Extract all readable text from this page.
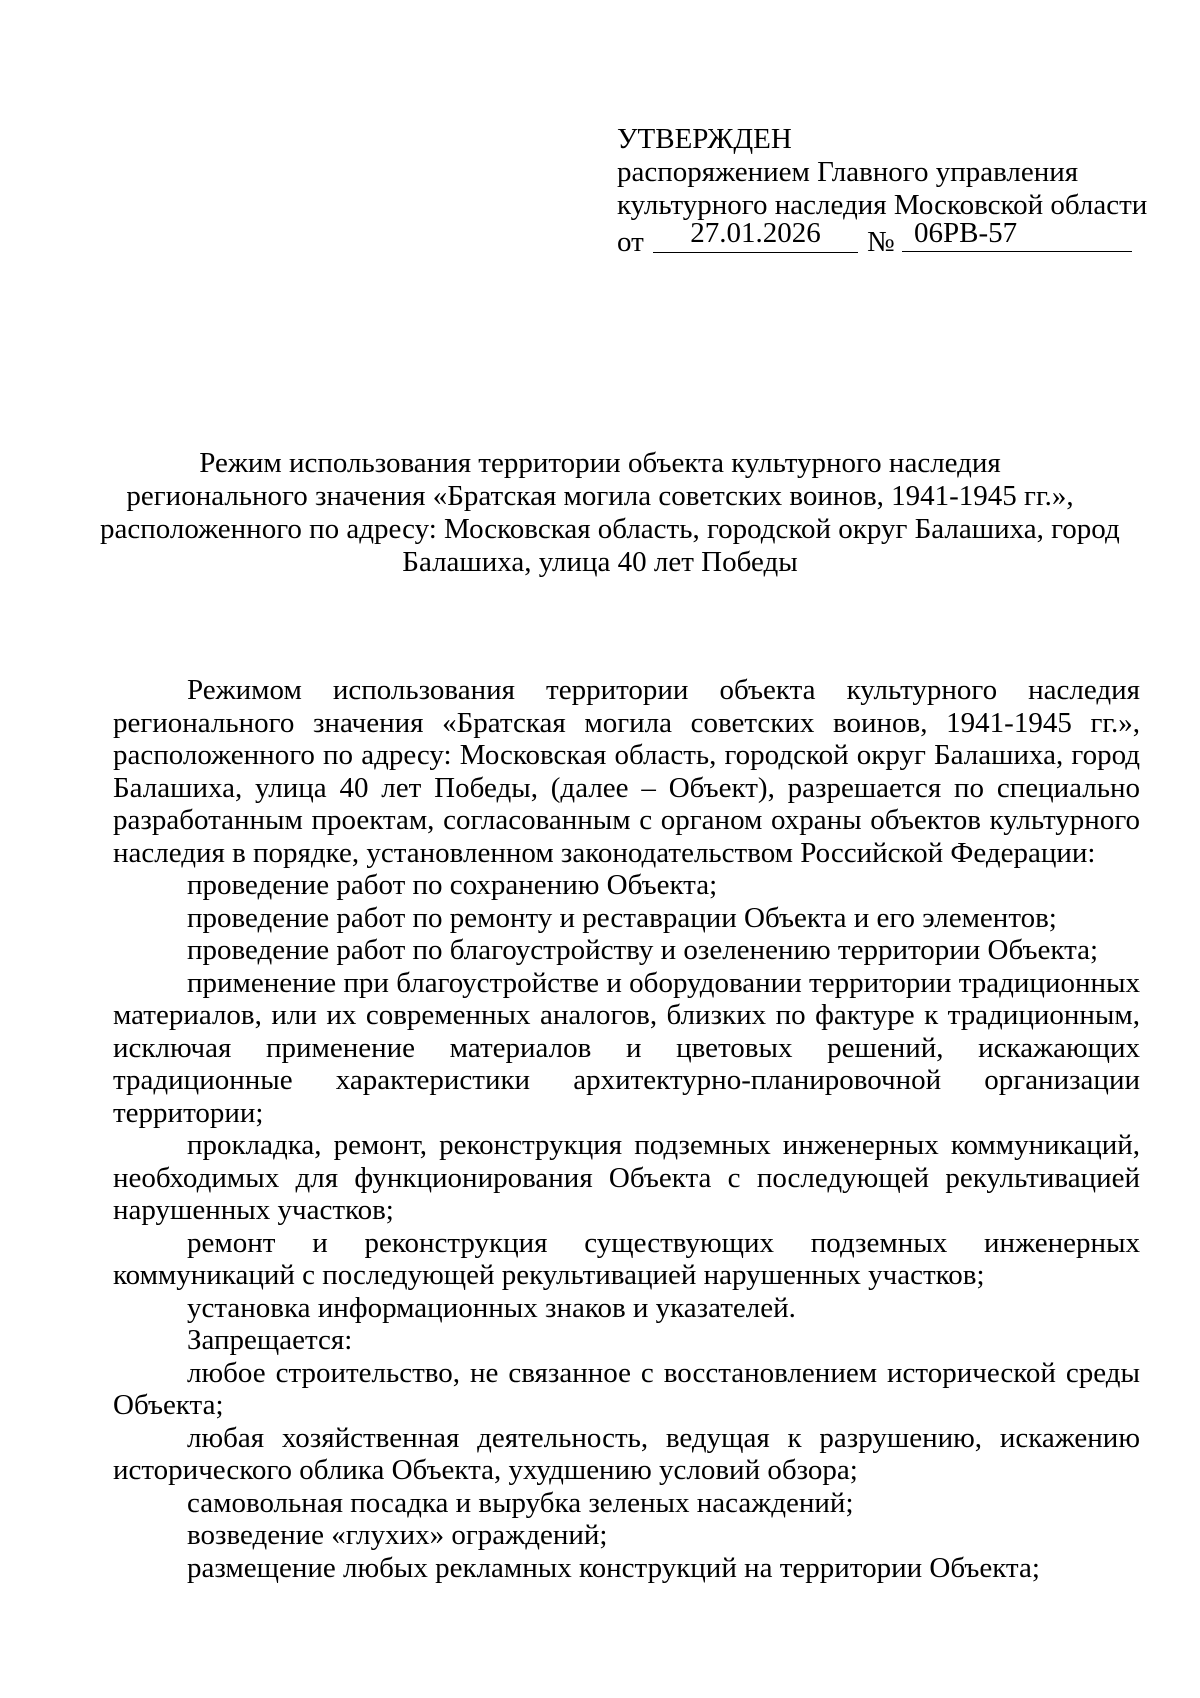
УТВЕРЖДЕН
распоряжением Главного управления
культурного наследия Московской области
от	27.01.2026	№ 06РВ-57
Режим использования территории объекта культурного наследия
регионального значения «Братская могила советских воинов, 1941-1945 гг.»,
расположенного по адресу: Московская область, городской округ Балашиха, город
Балашиха, улица 40 лет Победы

Режимом использования территории объекта культурного наследия регионального значения «Братская могила советских воинов, 1941-1945 гг.», расположенного по адресу: Московская область, городской округ Балашиха, город Балашиха, улица 40 лет Победы, (далее – Объект), разрешается по специально разработанным проектам, согласованным с органом охраны объектов культурного наследия в порядке, установленном законодательством Российской Федерации:

проведение работ по сохранению Объекта;

проведение работ по ремонту и реставрации Объекта и его элементов;

проведение работ по благоустройству и озеленению территории Объекта;

применение при благоустройстве и оборудовании территории традиционных материалов, или их современных аналогов, близких по фактуре к традиционным, исключая применение материалов и цветовых решений, искажающих традиционные характеристики архитектурно-планировочной организации территории;

прокладка, ремонт, реконструкция подземных инженерных коммуникаций, необходимых для функционирования Объекта с последующей рекультивацией нарушенных участков;

ремонт и реконструкция существующих подземных инженерных коммуникаций с последующей рекультивацией нарушенных участков;

установка информационных знаков и указателей.

Запрещается:

любое строительство, не связанное с восстановлением исторической среды Объекта;

любая хозяйственная деятельность, ведущая к разрушению, искажению исторического облика Объекта, ухудшению условий обзора;

самовольная посадка и вырубка зеленых насаждений;

возведение «глухих» ограждений;

размещение любых рекламных конструкций на территории Объекта;
